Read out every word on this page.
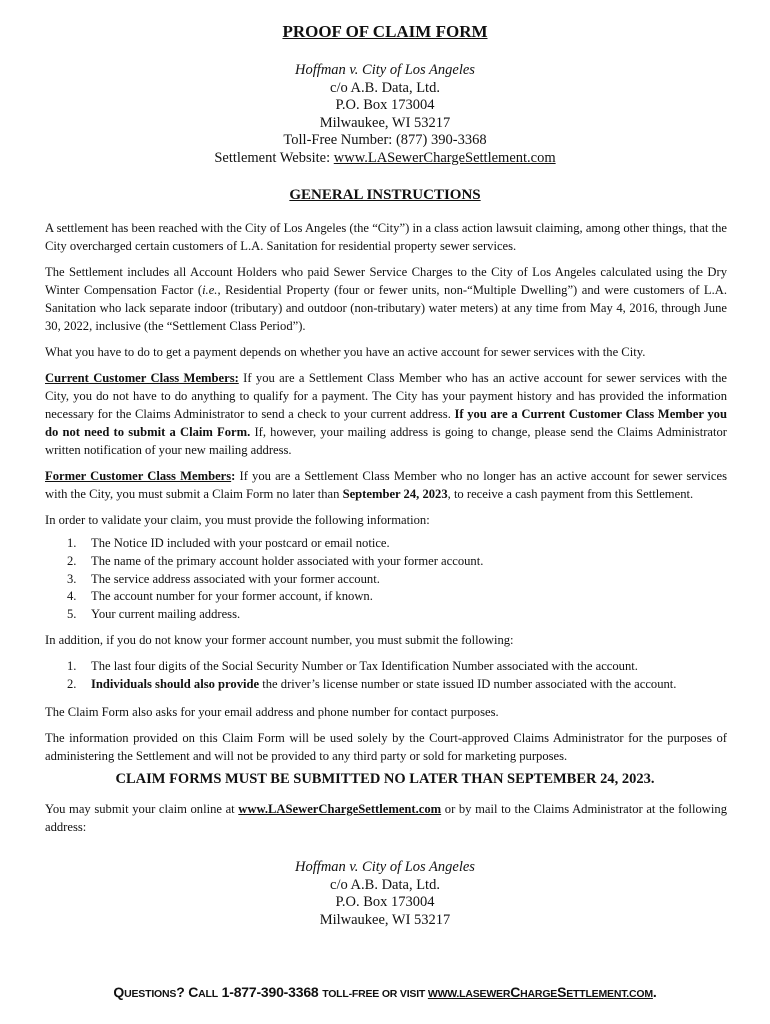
PROOF OF CLAIM FORM
Hoffman v. City of Los Angeles
c/o A.B. Data, Ltd.
P.O. Box 173004
Milwaukee, WI 53217
Toll-Free Number: (877) 390-3368
Settlement Website: www.LASewerChargeSettlement.com
GENERAL INSTRUCTIONS

A settlement has been reached with the City of Los Angeles (the “City”) in a class action lawsuit claiming, among other things, that the City overcharged certain customers of L.A. Sanitation for residential property sewer services.

The Settlement includes all Account Holders who paid Sewer Service Charges to the City of Los Angeles calculated using the Dry Winter Compensation Factor (i.e., Residential Property (four or fewer units, non-“Multiple Dwelling”) and were customers of L.A. Sanitation who lack separate indoor (tributary) and outdoor (non-tributary) water meters) at any time from May 4, 2016, through June 30, 2022, inclusive (the “Settlement Class Period”).

What you have to do to get a payment depends on whether you have an active account for sewer services with the City.

Current Customer Class Members: If you are a Settlement Class Member who has an active account for sewer services with the City, you do not have to do anything to qualify for a payment. The City has your payment history and has provided the information necessary for the Claims Administrator to send a check to your current address. If you are a Current Customer Class Member you do not need to submit a Claim Form. If, however, your mailing address is going to change, please send the Claims Administrator written notification of your new mailing address.

Former Customer Class Members: If you are a Settlement Class Member who no longer has an active account for sewer services with the City, you must submit a Claim Form no later than September 24, 2023, to receive a cash payment from this Settlement.

In order to validate your claim, you must provide the following information:

1. The Notice ID included with your postcard or email notice.
2. The name of the primary account holder associated with your former account.
3. The service address associated with your former account.
4. The account number for your former account, if known.
5. Your current mailing address.

In addition, if you do not know your former account number, you must submit the following:

1. The last four digits of the Social Security Number or Tax Identification Number associated with the account.
2. Individuals should also provide the driver’s license number or state issued ID number associated with the account.

The Claim Form also asks for your email address and phone number for contact purposes.

The information provided on this Claim Form will be used solely by the Court-approved Claims Administrator for the purposes of administering the Settlement and will not be provided to any third party or sold for marketing purposes.

CLAIM FORMS MUST BE SUBMITTED NO LATER THAN SEPTEMBER 24, 2023.

You may submit your claim online at www.LASewerChargeSettlement.com or by mail to the Claims Administrator at the following address:

Hoffman v. City of Los Angeles
c/o A.B. Data, Ltd.
P.O. Box 173004
Milwaukee, WI 53217
QUESTIONS? CALL 1-877-390-3368 TOLL-FREE OR VISIT WWW.LASEWERCHARGESETTLEMENT.COM.
